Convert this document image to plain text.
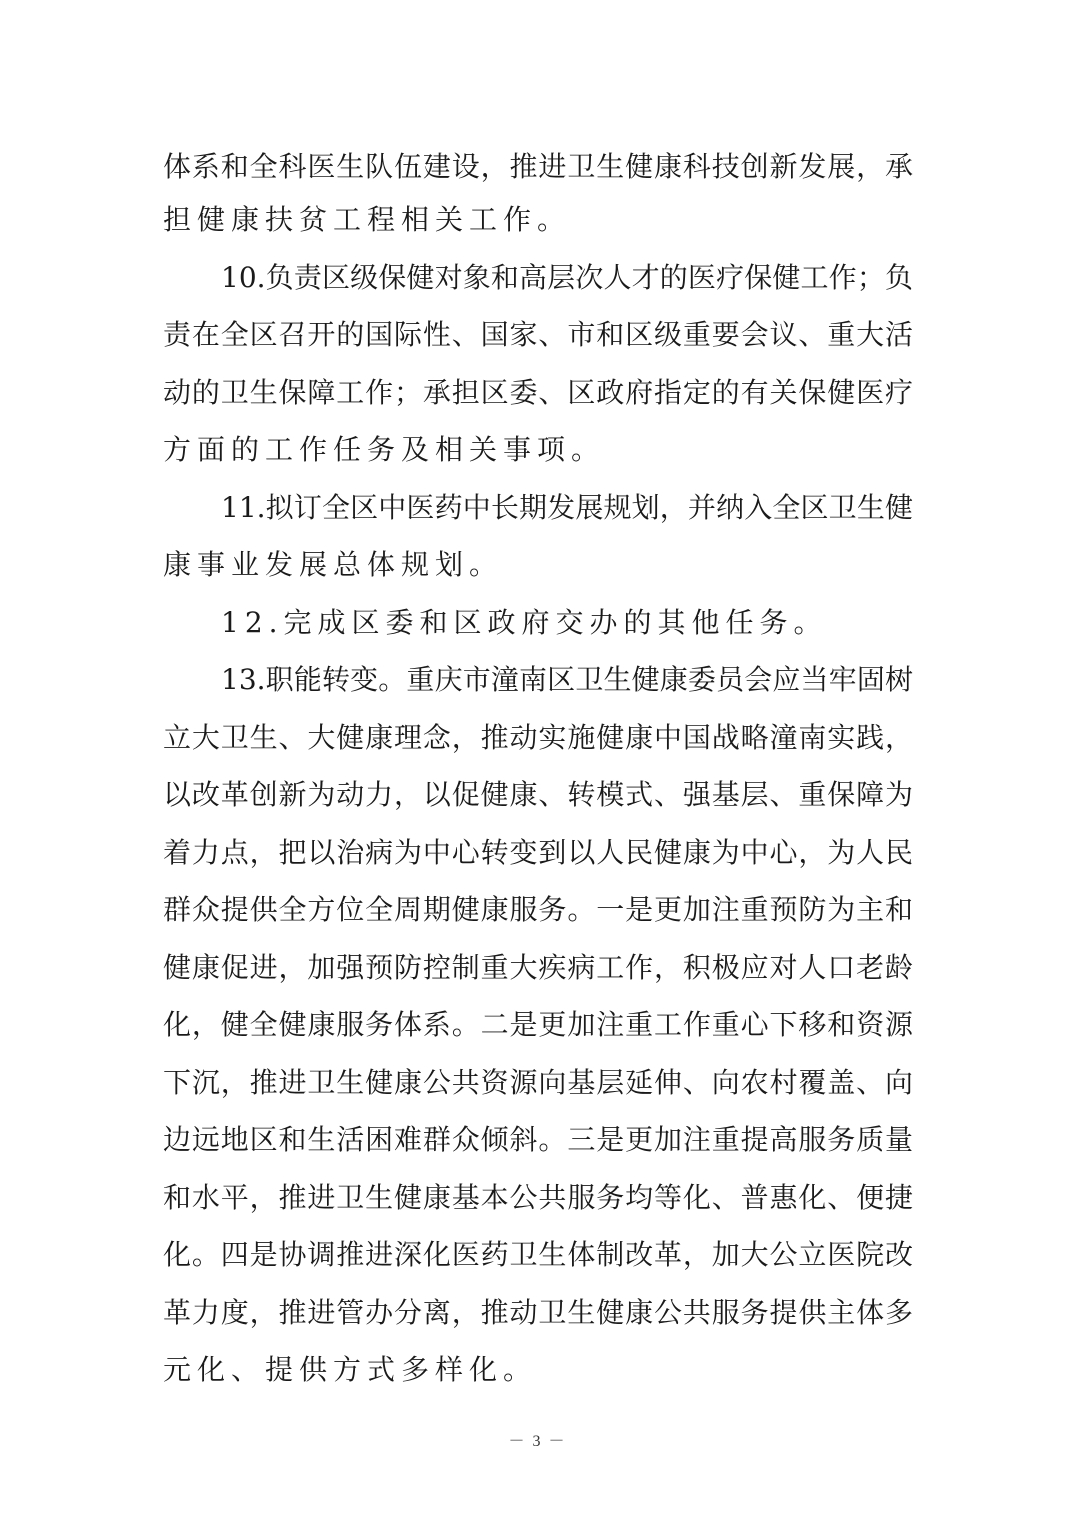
体系和全科医生队伍建设，推进卫生健康科技创新发展，承
担健康扶贫工程相关工作。
10.负责区级保健对象和高层次人才的医疗保健工作；负
责在全区召开的国际性、国家、市和区级重要会议、重大活
动的卫生保障工作；承担区委、区政府指定的有关保健医疗
方面的工作任务及相关事项。
11.拟订全区中医药中长期发展规划，并纳入全区卫生健
康事业发展总体规划。
12.完成区委和区政府交办的其他任务。
13.职能转变。重庆市潼南区卫生健康委员会应当牢固树
立大卫生、大健康理念，推动实施健康中国战略潼南实践，
以改革创新为动力，以促健康、转模式、强基层、重保障为
着力点，把以治病为中心转变到以人民健康为中心，为人民
群众提供全方位全周期健康服务。一是更加注重预防为主和
健康促进，加强预防控制重大疾病工作，积极应对人口老龄
化，健全健康服务体系。二是更加注重工作重心下移和资源
下沉，推进卫生健康公共资源向基层延伸、向农村覆盖、向
边远地区和生活困难群众倾斜。三是更加注重提高服务质量
和水平，推进卫生健康基本公共服务均等化、普惠化、便捷
化。四是协调推进深化医药卫生体制改革，加大公立医院改
革力度，推进管办分离，推动卫生健康公共服务提供主体多
元化、提供方式多样化。
－ 3 －
